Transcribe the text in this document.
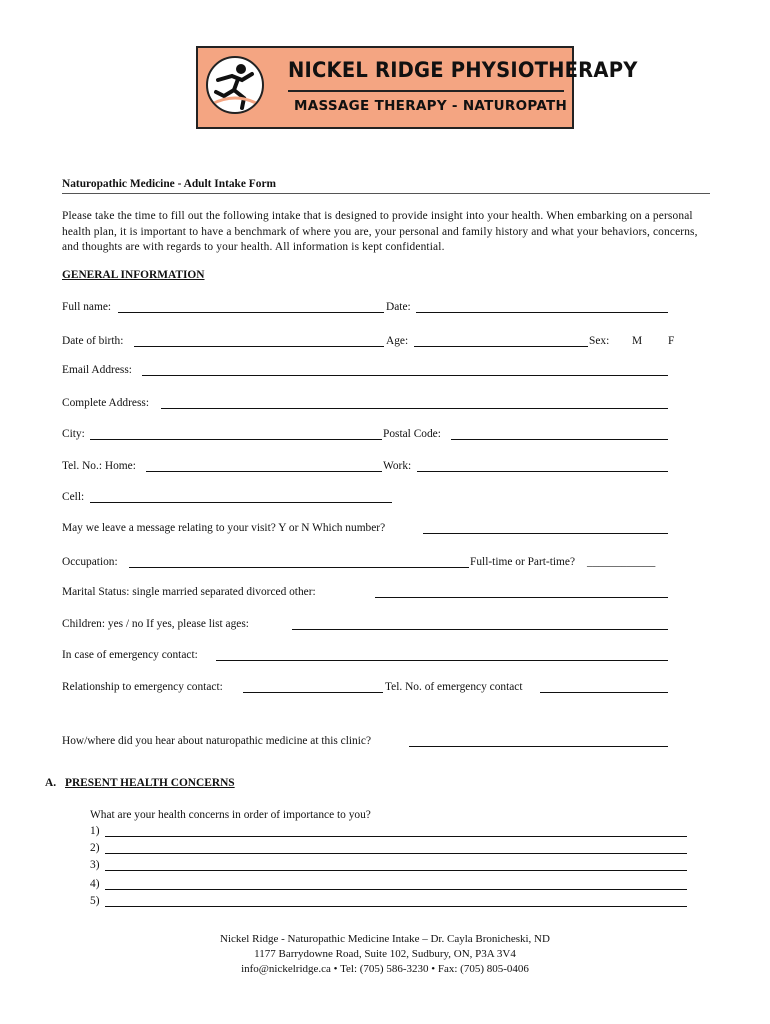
NICKEL RIDGE PHYSIOTHERAPY
MASSAGE THERAPY - NATUROPATH
Naturopathic Medicine - Adult Intake Form
Please take the time to fill out the following intake that is designed to provide insight into your health. When embarking on a personal health plan, it is important to have a benchmark of where you are, your personal and family history and what your behaviors, concerns, and thoughts are with regards to your health. All information is kept confidential.
GENERAL INFORMATION
Full name:	Date:
Date of birth:	Age:	Sex: M F
Email Address:
Complete Address:
City:	Postal Code:
Tel. No.: Home:	Work:
Cell:
May we leave a message relating to your visit? Y or N Which number?
Occupation:	Full-time or Part-time? ____________
Marital Status: single married separated divorced other:
Children: yes / no If yes, please list ages:
In case of emergency contact:
Relationship to emergency contact:	Tel. No. of emergency contact
How/where did you hear about naturopathic medicine at this clinic?
A. PRESENT HEALTH CONCERNS
What are your health concerns in order of importance to you?
1)
2)
3)
4)
5)
Nickel Ridge - Naturopathic Medicine Intake – Dr. Cayla Bronicheski, ND
1177 Barrydowne Road, Suite 102, Sudbury, ON, P3A 3V4
info@nickelridge.ca • Tel: (705) 586-3230 • Fax: (705) 805-0406
